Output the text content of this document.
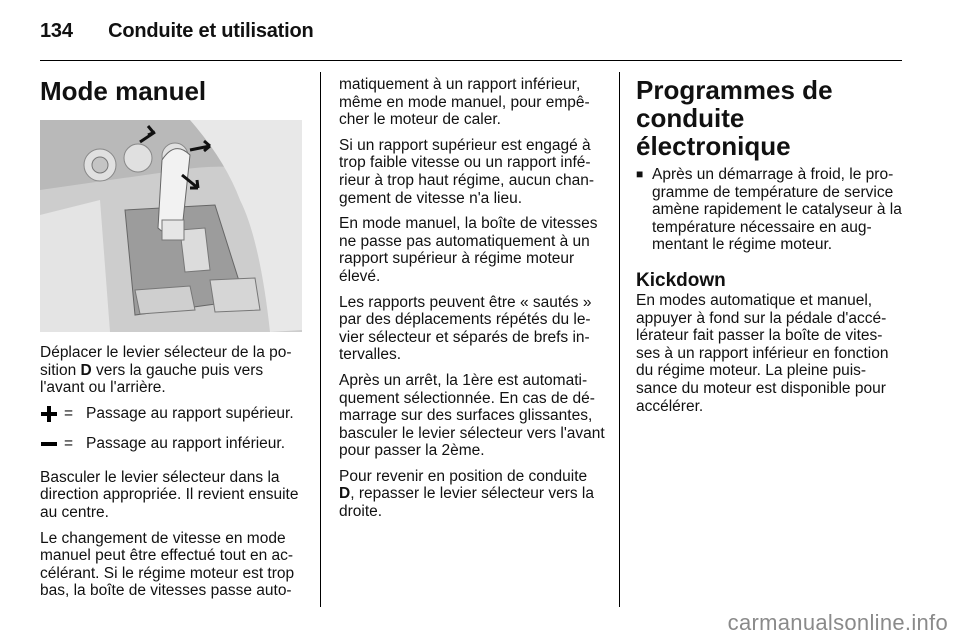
134 Conduite et utilisation
Mode manuel

Déplacer le levier sélecteur de la po-sition D vers la gauche puis vers l'avant ou l'arrière.

= Passage au rapport supérieur.
= Passage au rapport inférieur.

Basculer le levier sélecteur dans la direction appropriée. Il revient ensuite au centre.

Le changement de vitesse en mode manuel peut être effectué tout en ac-célérant. Si le régime moteur est trop bas, la boîte de vitesses passe auto-

matiquement à un rapport inférieur, même en mode manuel, pour empê-cher le moteur de caler.

Si un rapport supérieur est engagé à trop faible vitesse ou un rapport infé-rieur à trop haut régime, aucun chan-gement de vitesse n'a lieu.

En mode manuel, la boîte de vitesses ne passe pas automatiquement à un rapport supérieur à régime moteur élevé.

Les rapports peuvent être « sautés » par des déplacements répétés du le-vier sélecteur et séparés de brefs in-tervalles.

Après un arrêt, la 1ère est automati-quement sélectionnée. En cas de dé-marrage sur des surfaces glissantes, basculer le levier sélecteur vers l'avant pour passer la 2ème.

Pour revenir en position de conduite D, repasser le levier sélecteur vers la droite.

Programmes de conduite électronique
■ Après un démarrage à froid, le pro-gramme de température de service amène rapidement le catalyseur à la température nécessaire en aug-mentant le régime moteur.
Kickdown

En modes automatique et manuel, appuyer à fond sur la pédale d'accé-lérateur fait passer la boîte de vites-ses à un rapport inférieur en fonction du régime moteur. La pleine puis-sance du moteur est disponible pour accélérer.

carmanualsonline.info
